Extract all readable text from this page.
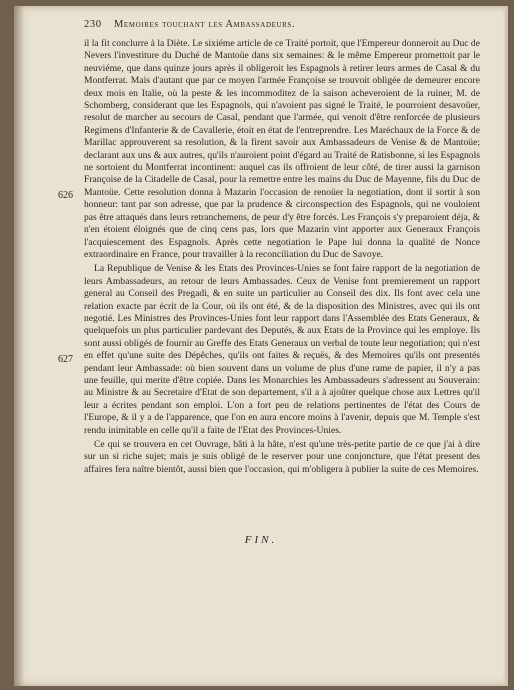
230 Memoires touchant les Ambassadeurs.
626
627

il la fit conclurre à la Diète. Le sixiéme article de ce Traité portoit, que l'Empereur donneroit au Duc de Nevers l'investiture du Duché de Mantoüe dans six semaines: & le même Empereur promettoit par le neuviéme, que dans quinze jours après il obligeroit les Espagnols à retirer leurs armes de Casal & du Montferrat. Mais d'autant que par ce moyen l'armée Françoise se trouvoit obligée de demeurer encore deux mois en Italie, où la peste & les incommoditez de la saison acheveroient de la ruiner, M. de Schomberg, considerant que les Espagnols, qui n'avoient pas signé le Traité, le pourroient desavoüer, resolut de marcher au secours de Casal, pendant que l'armée, qui venoit d'être renforcée de plusieurs Regimens d'Infanterie & de Cavallerie, étoit en état de l'entreprendre. Les Maréchaux de la Force & de Marillac approuverent sa resolution, & la firent savoir aux Ambassadeurs de Venise & de Mantoüe; declarant aux uns & aux autres, qu'ils n'auroient point d'égard au Traité de Ratisbonne, si les Espagnols ne sortoient du Montferrat incontinent: auquel cas ils offroient de leur côté, de tirer aussi la garnison Françoise de la Citadelle de Casal, pour la remettre entre les mains du Duc de Mayenne, fils du Duc de Mantoüe. Cette resolution donna à Mazarin l'occasion de renoüer la negotiation, dont il sortit à son honneur: tant par son adresse, que par la prudence & circonspection des Espagnols, qui ne vouloient pas être attaqués dans leurs retranchemens, de peur d'y être forcés. Les François s'y preparoient déja, & n'en étoient éloignés que de cinq cens pas, lors que Mazarin vint apporter aux Generaux François l'acquiescement des Espagnols. Après cette negotiation le Pape lui donna la qualité de Nonce extraordinaire en France, pour travailler à la reconciliation du Duc de Savoye.

La Republique de Venise & les Etats des Provinces-Unies se font faire rapport de la negotiation de leurs Ambassadeurs, au retour de leurs Ambassades. Ceux de Venise font premierement un rapport general au Conseil des Pregadi, & en suite un particulier au Conseil des dix. Ils font avec cela une relation exacte par écrit de la Cour, où ils ont été, & de la disposition des Ministres, avec qui ils ont negotié. Les Ministres des Provinces-Unies font leur rapport dans l'Assemblée des Etats Generaux, & quelquefois un plus particulier pardevant des Deputés, & aux Etats de la Province qui les employe. Ils sont aussi obligés de fournir au Greffe des Etats Generaux un verbal de toute leur negotiation; qui n'est en effet qu'une suite des Dépêches, qu'ils ont faites & reçuës, & des Memoires qu'ils ont presentés pendant leur Ambassade: où bien souvent dans un volume de plus d'une rame de papier, il n'y a pas une feuille, qui merite d'être copiée. Dans les Monarchies les Ambassadeurs s'adressent au Souverain: au Ministre & au Secretaire d'Etat de son departement, s'il a à ajoûter quelque chose aux Lettres qu'il leur a écrites pendant son emploi. L'on a fort peu de relations pertinentes de l'état des Cours de l'Europe, & il y a de l'apparence, que l'on en aura encore moins à l'avenir, depuis que M. Temple s'est rendu inimitable en celle qu'il a faite de l'Etat des Provinces-Unies.

Ce qui se trouvera en cet Ouvrage, bâti à la hâte, n'est qu'une très-petite partie de ce que j'ai à dire sur un si riche sujet; mais je suis obligé de le reserver pour une conjoncture, que l'état present des affaires fera naître bientôt, aussi bien que l'occasion, qui m'obligera à publier la suite de ces Memoires.

FIN.
